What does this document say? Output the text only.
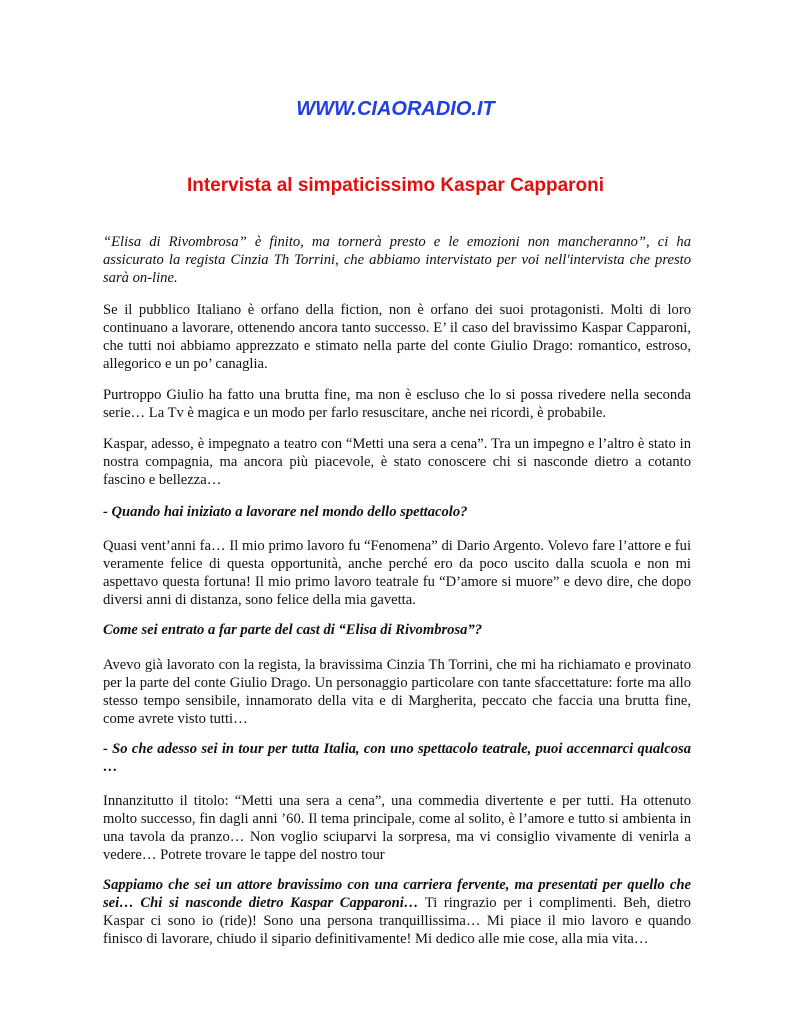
WWW.CIAORADIO.IT
Intervista al simpaticissimo Kaspar Capparoni

“Elisa di Rivombrosa” è finito, ma tornerà presto e le emozioni non mancheranno”, ci ha assicurato la regista Cinzia Th Torrini, che abbiamo intervistato per voi nell'intervista che presto sarà on-line.

Se il pubblico Italiano è orfano della fiction, non è orfano dei suoi protagonisti. Molti di loro continuano a lavorare, ottenendo ancora tanto successo. E’ il caso del bravissimo Kaspar Capparoni, che tutti noi abbiamo apprezzato e stimato nella parte del conte Giulio Drago: romantico, estroso, allegorico e un po’ canaglia.

Purtroppo Giulio ha fatto una brutta fine, ma non è escluso che lo si possa rivedere nella seconda serie… La Tv è magica e un modo per farlo resuscitare, anche nei ricordi, è probabile.

Kaspar, adesso, è impegnato a teatro con “Metti una sera a cena”. Tra un impegno e l’altro è stato in nostra compagnia, ma ancora più piacevole, è stato conoscere chi si nasconde dietro a cotanto fascino e bellezza…

- Quando hai iniziato a lavorare nel mondo dello spettacolo?

Quasi vent’anni fa… Il mio primo lavoro fu “Fenomena” di Dario Argento. Volevo fare l’attore e fui veramente felice di questa opportunità, anche perché ero da poco uscito dalla scuola e non mi aspettavo questa fortuna! Il mio primo lavoro teatrale fu “D’amore si muore” e devo dire, che dopo diversi anni di distanza, sono felice della mia gavetta.

Come sei entrato a far parte del cast di “Elisa di Rivombrosa”?

Avevo già lavorato con la regista, la bravissima Cinzia Th Torrini, che mi ha richiamato e provinato per la parte del conte Giulio Drago. Un personaggio particolare con tante sfaccettature: forte ma allo stesso tempo sensibile, innamorato della vita e di Margherita, peccato che faccia una brutta fine, come avrete visto tutti…

- So che adesso sei in tour per tutta Italia, con uno spettacolo teatrale, puoi accennarci qualcosa …

Innanzitutto il titolo: “Metti una sera a cena”, una commedia divertente e per tutti. Ha ottenuto molto successo, fin dagli anni ’60. Il tema principale, come al solito, è l’amore e tutto si ambienta in una tavola da pranzo… Non voglio sciuparvi la sorpresa, ma vi consiglio vivamente di venirla a vedere… Potrete trovare le tappe del nostro tour

Sappiamo che sei un attore bravissimo con una carriera fervente, ma presentati per quello che sei… Chi si nasconde dietro Kaspar Capparoni… Ti ringrazio per i complimenti. Beh, dietro Kaspar ci sono io (ride)! Sono una persona tranquillissima… Mi piace il mio lavoro e quando finisco di lavorare, chiudo il sipario definitivamente! Mi dedico alle mie cose, alla mia vita…
